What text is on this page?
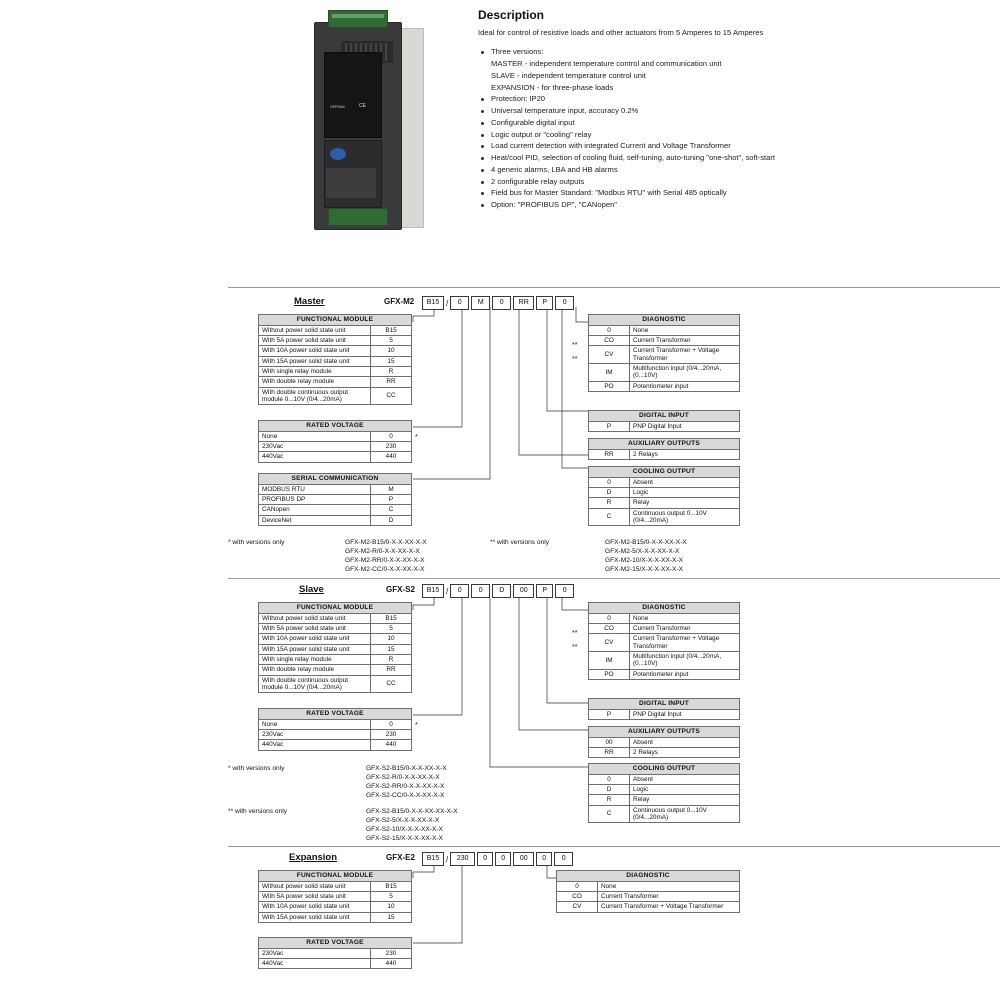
GEFRAN	CE
Description
Ideal for control of resistive loads and other actuators from 5 Amperes to 15 Amperes
Three versions:
MASTER - independent temperature control and communication unit
SLAVE - independent temperature control unit
EXPANSION - for three-phase loads
Protection: IP20
Universal temperature input, accuracy 0.2%
Configurable digital input
Logic output or "cooling" relay
Load current detection with integrated Current and Voltage Transformer
Heat/cool PID, selection of cooling fluid, self-tuning, auto-tuning "one-shot", soft-start
4 generic alarms, LBA and HB alarms
2 configurable relay outputs
Field bus for Master Standard: "Modbus RTU" with Serial 485 optically
Option: "PROFIBUS DP", "CANopen"
Master	GFX-M2	B15 /	0	M	0	RR	P	0
FUNCTIONAL MODULE	
Without power solid state unit	B15
With 5A power solid state unit	5
With 10A power solid state unit	10
With 15A power solid state unit	15
With single relay module	R
With double relay module	RR
With double continuous output module 0...10V (0/4...20mA)	CC
RATED VOLTAGE	
None	0
230Vac	230
440Vac	440
*
SERIAL COMMUNICATION	
MODBUS RTU	M
PROFIBUS DP	P
CANopen	C
DeviceNet	D
DIAGNOSTIC	
0	None
CO	Current Transformer
CV	Current Transformer + Voltage Transformer
IM	Multifunction input (0/4...20mA, (0...10V)
PO	Potentiometer input
**
**
DIGITAL INPUT
P	PNP Digital Input
AUXILIARY OUTPUTS
RR	2 Relays
COOLING OUTPUT	
0	Absent
D	Logic
R	Relay
C	Continuous output 0...10V (0/4...20mA)
* with versions only	GFX-M2-B15/0-X-X-XX-X-X
GFX-M2-R/0-X-X-XX-X-X
GFX-M2-RR/0-X-X-XX-X-X
GFX-M2-CC/0-X-X-XX-X-X
** with versions only	GFX-M2-B15/0-X-X-XX-X-X
GFX-M2-5/X-X-X-XX-X-X
GFX-M2-10/X-X-X-XX-X-X
GFX-M2-15/X-X-X-XX-X-X
Slave	GFX-S2	B15 /	0	0	D	00	P	0
FUNCTIONAL MODULE	
Without power solid state unit	B15
With 5A power solid state unit	5
With 10A power solid state unit	10
With 15A power solid state unit	15
With single relay module	R
With double relay module	RR
With double continuous output module 0...10V (0/4...20mA)	CC
RATED VOLTAGE	
None	0
230Vac	230
440Vac	440
*
DIAGNOSTIC	
0	None
CO	Current Transformer
CV	Current Transformer + Voltage Transformer
IM	Multifunction input (0/4...20mA, (0...10V)
PO	Potentiometer input
**
**
DIGITAL INPUT
P	PNP Digital Input
AUXILIARY OUTPUTS	
00	Absent
RR	2 Relays
COOLING OUTPUT	
0	Absent
D	Logic
R	Relay
C	Continuous output 0...10V (0/4...20mA)
* with versions only	GFX-S2-B15/0-X-X-XX-X-X
GFX-S2-R/0-X-X-XX-X-X
GFX-S2-RR/0-X-X-XX-X-X
GFX-S2-CC/0-X-X-XX-X-X
** with versions only	GFX-S2-B15/0-X-X-XX-XX-X-X
GFX-S2-5/X-X-X-XX-X-X
GFX-S2-10/X-X-X-XX-X-X
GFX-S2-15/X-X-X-XX-X-X
Expansion	GFX-E2	B15 /	230	0	0	00	0	0
FUNCTIONAL MODULE	
Without power solid state unit	B15
With 5A power solid state unit	5
With 10A power solid state unit	10
With 15A power solid state unit	15
RATED VOLTAGE	
230Vac	230
440Vac	440
DIAGNOSTIC	
0	None
CO	Current Transformer
CV	Current Transformer + Voltage Transformer
